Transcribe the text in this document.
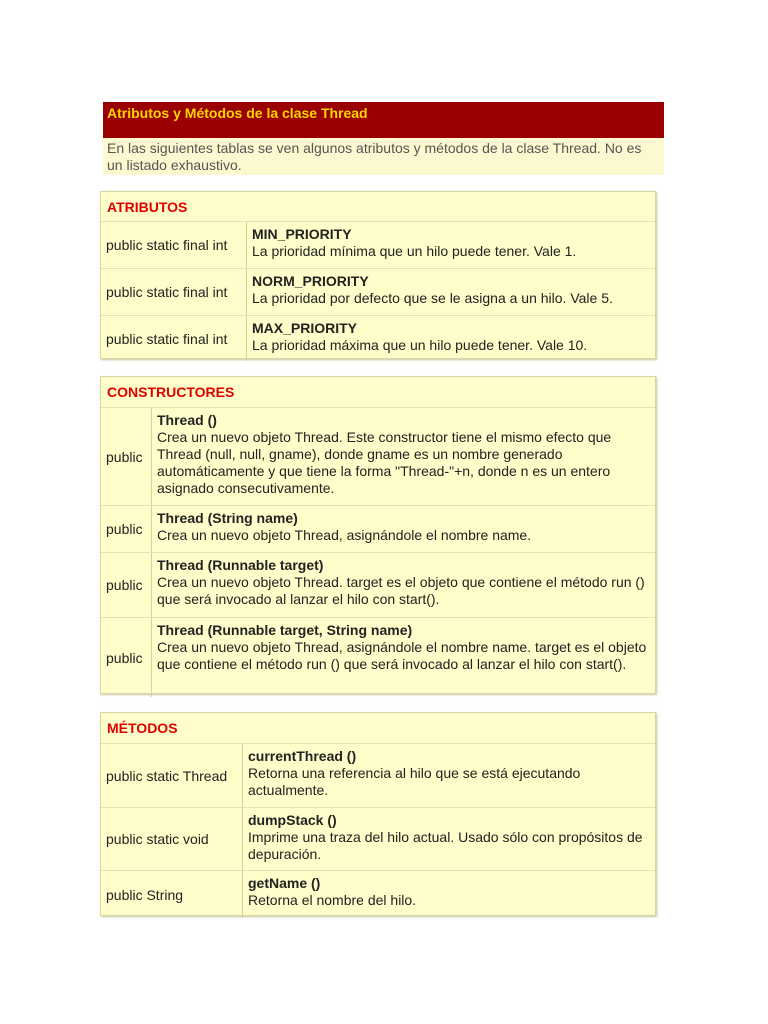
Atributos y Métodos de la clase Thread
En las siguientes tablas se ven algunos atributos y métodos de la clase Thread. No es un listado exhaustivo.
ATRIBUTOS
public static final int
MIN_PRIORITY
La prioridad mínima que un hilo puede tener. Vale 1.
public static final int
NORM_PRIORITY
La prioridad por defecto que se le asigna a un hilo. Vale 5.
public static final int
MAX_PRIORITY
La prioridad máxima que un hilo puede tener. Vale 10.
CONSTRUCTORES
public
Thread ()
Crea un nuevo objeto Thread. Este constructor tiene el mismo efecto que Thread (null, null, gname), donde gname es un nombre generado automáticamente y que tiene la forma "Thread-"+n, donde n es un entero asignado consecutivamente.
public
Thread (String name)
Crea un nuevo objeto Thread, asignándole el nombre name.
public
Thread (Runnable target)
Crea un nuevo objeto Thread. target es el objeto que contiene el método run () que será invocado al lanzar el hilo con start().
public
Thread (Runnable target, String name)
Crea un nuevo objeto Thread, asignándole el nombre name. target es el objeto que contiene el método run () que será invocado al lanzar el hilo con start().
MÉTODOS
public static Thread
currentThread ()
Retorna una referencia al hilo que se está ejecutando actualmente.
public static void
dumpStack ()
Imprime una traza del hilo actual. Usado sólo con propósitos de depuración.
public String
getName ()
Retorna el nombre del hilo.
